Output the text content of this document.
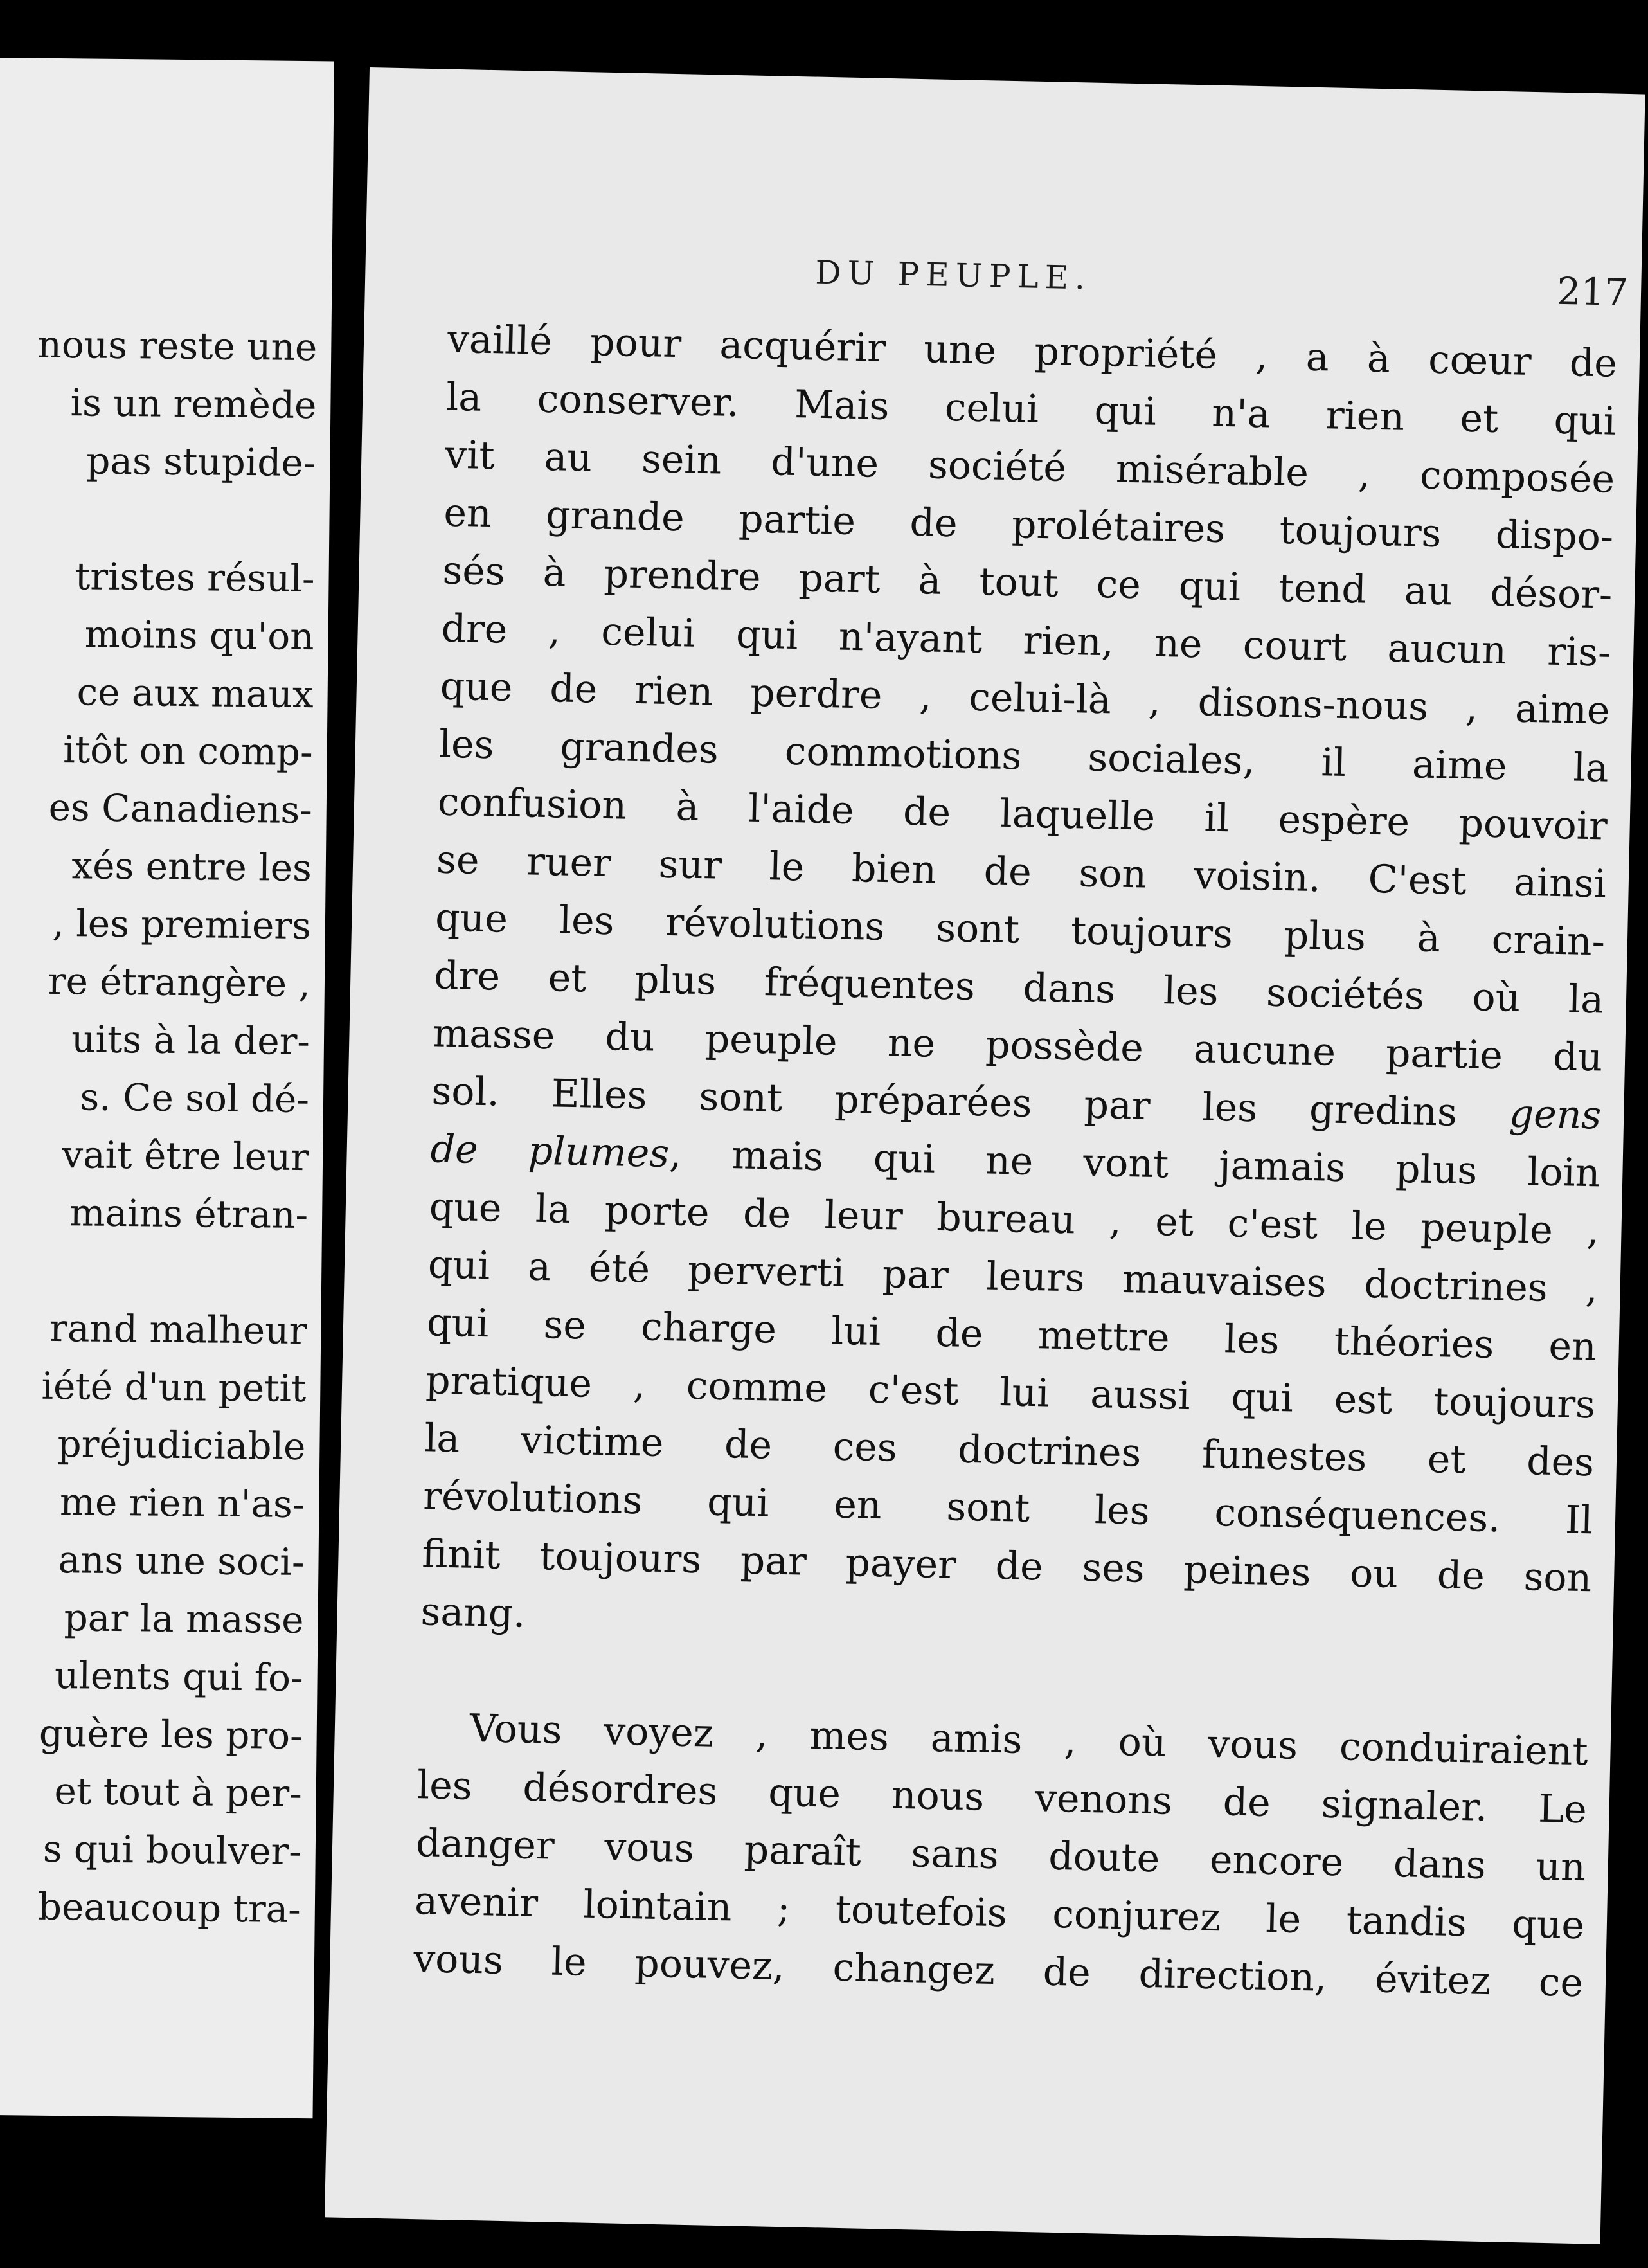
nous reste une
is un remède
pas stupide-
tristes résul-
moins qu'on
ce aux maux
itôt on comp-
es Canadiens-
xés entre les
, les premiers
re étrangère ,
uits à la der-
s. Ce sol dé-
vait être leur
mains étran-
rand malheur
iété d'un petit
préjudiciable
me rien n'as-
ans une soci-
par la masse
ulents qui fo-
guère les pro-
et tout à per-
s qui boulver-
beaucoup tra-
DU PEUPLE.	217
vaillé pour acquérir une propriété , a à cœur de
la conserver. Mais celui qui n'a rien et qui
vit au sein d'une société misérable , composée
en grande partie de prolétaires toujours dispo-
sés à prendre part à tout ce qui tend au désor-
dre , celui qui n'ayant rien, ne court aucun ris-
que de rien perdre , celui-là , disons-nous , aime
les grandes commotions sociales, il aime la
confusion à l'aide de laquelle il espère pouvoir
se ruer sur le bien de son voisin. C'est ainsi
que les révolutions sont toujours plus à crain-
dre et plus fréquentes dans les sociétés où la
masse du peuple ne possède aucune partie du
sol. Elles sont préparées par les gredins gens
de plumes, mais qui ne vont jamais plus loin
que la porte de leur bureau , et c'est le peuple ,
qui a été perverti par leurs mauvaises doctrines ,
qui se charge lui de mettre les théories en
pratique , comme c'est lui aussi qui est toujours
la victime de ces doctrines funestes et des
révolutions qui en sont les conséquences. Il
finit toujours par payer de ses peines ou de son
sang.
Vous voyez , mes amis , où vous conduiraient
les désordres que nous venons de signaler. Le
danger vous paraît sans doute encore dans un
avenir lointain ; toutefois conjurez le tandis que
vous le pouvez, changez de direction, évitez ce
